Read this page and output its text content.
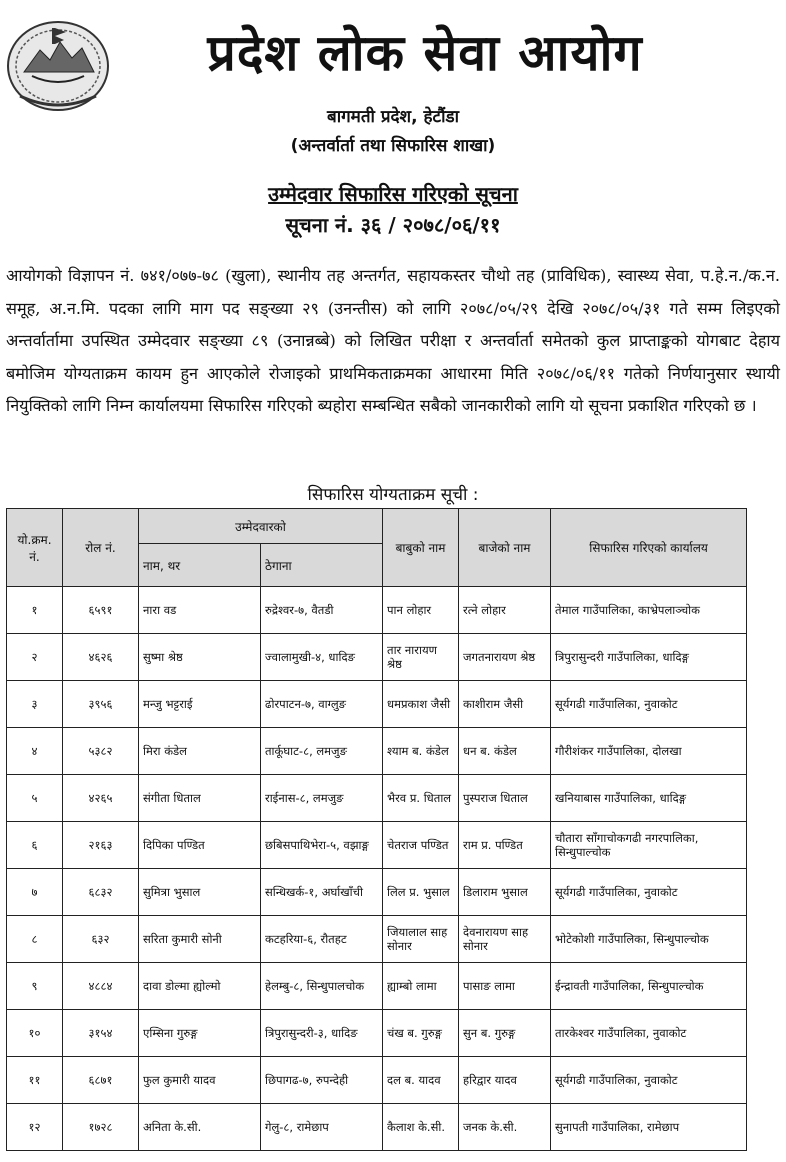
प्रदेश लोक सेवा आयोग
बागमती प्रदेश, हेटौंडा
(अन्तर्वार्ता तथा सिफारिस शाखा)
उम्मेदवार सिफारिस गरिएको सूचना
सूचना नं. ३६ / २०७८/०६/११
आयोगको विज्ञापन नं. ७४१/०७७-७८ (खुला), स्थानीय तह अन्तर्गत, सहायकस्तर चौथो तह (प्राविधिक), स्वास्थ्य सेवा, प.हे.न./क.न. समूह, अ.न.मि. पदका लागि माग पद सङ्ख्या २९ (उनन्तीस) को लागि २०७८/०५/२९ देखि २०७८/०५/३१ गते सम्म लिइएको अन्तर्वार्तामा उपस्थित उम्मेदवार सङ्ख्या ८९ (उनान्नब्बे) को लिखित परीक्षा र अन्तर्वार्ता समेतको कुल प्राप्ताङ्कको योगबाट देहाय बमोजिम योग्यताक्रम कायम हुन आएकोले रोजाइको प्राथमिकताक्रमका आधारमा मिति २०७८/०६/११ गतेको निर्णयानुसार स्थायी नियुक्तिको लागि निम्न कार्यालयमा सिफारिस गरिएको ब्यहोरा सम्बन्धित सबैको जानकारीको लागि यो सूचना प्रकाशित गरिएको छ ।
सिफारिस योग्यताक्रम सूची :
यो.क्रम. नं.	रोल नं.	उम्मेदवारको		बाबुको नाम	बाजेको नाम	सिफारिस गरिएको कार्यालय
		नाम, थर	ठेगाना			
१	६५९१	नारा वड	रुद्रेश्वर-७, वैतडी	पान लोहार	रत्ने लोहार	तेमाल गाउँपालिका, काभ्रेपलाञ्चोक
२	४६२६	सुष्मा श्रेष्ठ	ज्वालामुखी-४, धादिङ	तार नारायण श्रेष्ठ	जगतनारायण श्रेष्ठ	त्रिपुरासुन्दरी गाउँपालिका, धादिङ्ग
३	३९५६	मन्जु भट्टराई	ढोरपाटन-७, वाग्लुङ	धमप्रकाश जैसी	काशीराम जैसी	सूर्यगढी गाउँपालिका, नुवाकोट
४	५३८२	मिरा कंडेल	तार्कूघाट-८, लमजुङ	श्याम ब. कंडेल	धन ब. कंडेल	गौरीशंकर गाउँपालिका, दोलखा
५	४२६५	संगीता धिताल	राईनास-८, लमजुङ	भैरव प्र. धिताल	पुस्पराज धिताल	खनियाबास गाउँपालिका, धादिङ्ग
६	२१६३	दिपिका पण्डित	छबिसपाथिभेरा-५, वझाङ्ग	चेतराज पण्डित	राम प्र. पण्डित	चौतारा साँगाचोकगढी नगरपालिका, सिन्धुपाल्चोक
७	६८३२	सुमित्रा भुसाल	सन्धिखर्क-१, अर्घाखाँची	लिल प्र. भुसाल	डिलाराम भुसाल	सूर्यगढी गाउँपालिका, नुवाकोट
८	६३२	सरिता कुमारी सोनी	कटहरिया-६, रौतहट	जियालाल साह सोनार	देवनारायण साह सोनार	भोटेकोशी गाउँपालिका, सिन्धुपाल्चोक
९	४८८४	दावा डोल्मा ह्योल्मो	हेलम्बु-८, सिन्धुपालचोक	ह्याम्बो लामा	पासाङ लामा	ईन्द्रावती गाउँपालिका, सिन्धुपाल्चोक
१०	३१५४	एम्सिना गुरुङ्ग	त्रिपुरासुन्दरी-३, धादिङ	चंख ब. गुरुङ्ग	सुन ब. गुरुङ्ग	तारकेश्वर गाउँपालिका, नुवाकोट
११	६८७१	फुल कुमारी यादव	छिपागढ-७, रुपन्देही	दल ब. यादव	हरिद्वार यादव	सूर्यगढी गाउँपालिका, नुवाकोट
१२	१७२८	अनिता के.सी.	गेलु-८, रामेछाप	कैलाश के.सी.	जनक के.सी.	सुनापती गाउँपालिका, रामेछाप
